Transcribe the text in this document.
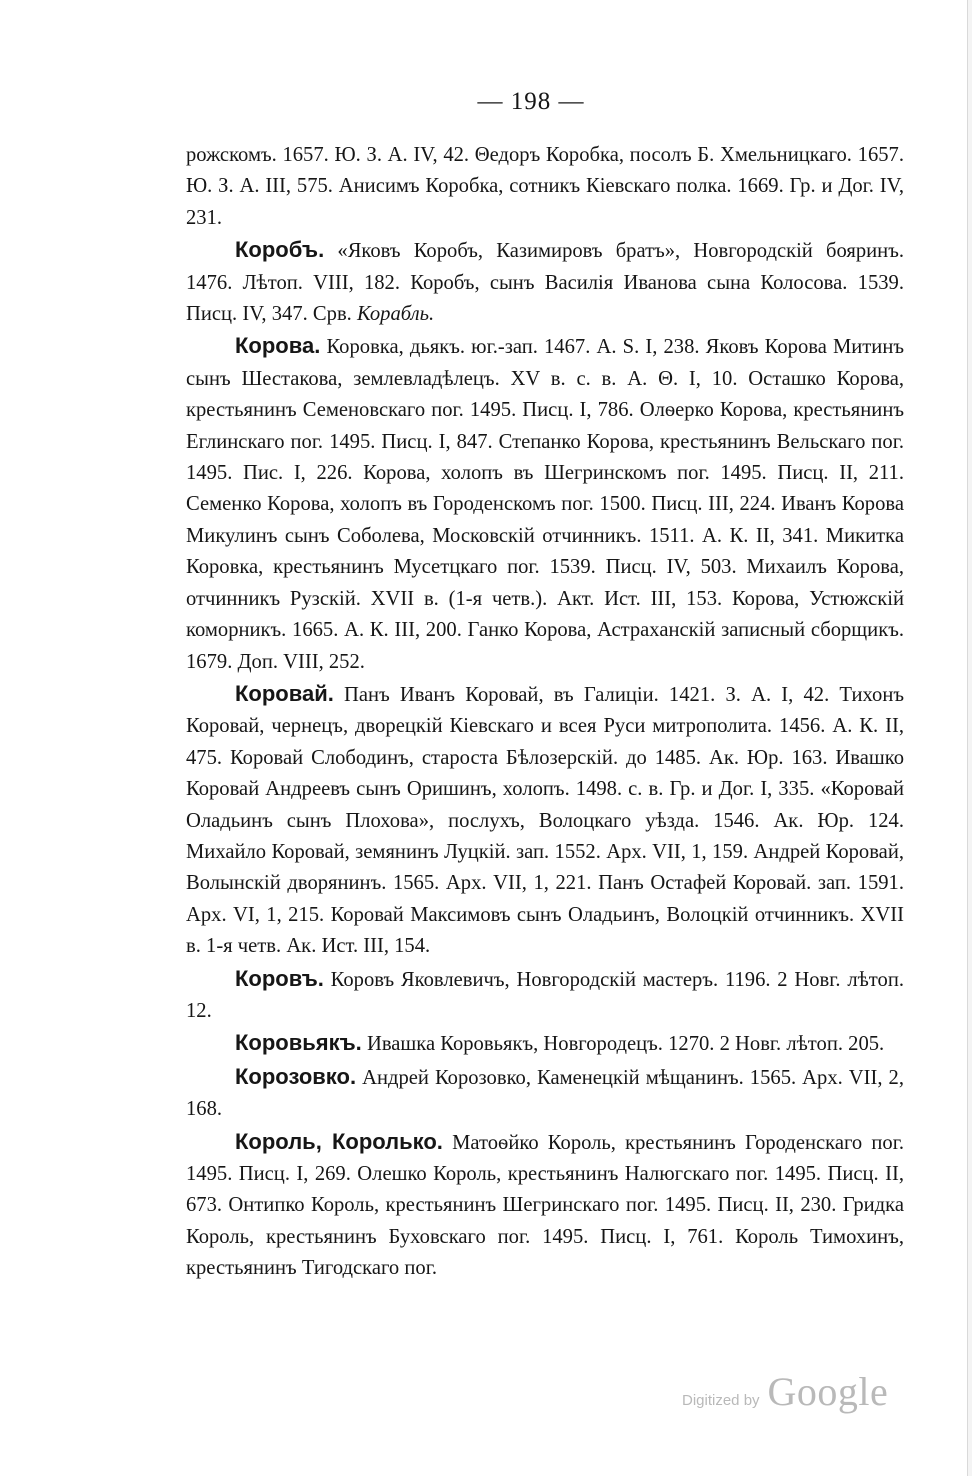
— 198 —

рожскомъ. 1657. Ю. З. А. IV, 42. Θедоръ Коробка, посолъ Б. Хмельницкаго. 1657. Ю. З. А. III, 575. Анисимъ Коробка, сотникъ Кіевскаго полка. 1669. Гр. и Дог. IV, 231.

Коробъ. «Яковъ Коробъ, Казимировъ братъ», Новгородскій бояринъ. 1476. Лѣтоп. VIII, 182. Коробъ, сынъ Василія Иванова сына Колосова. 1539. Писц. IV, 347. Срв. Корабль.

Корова. Коровка, дьякъ. юг.-зап. 1467. А. S. I, 238. Яковъ Корова Митинъ сынъ Шестакова, землевладѣлецъ. XV в. с. в. А. Θ. I, 10. Осташко Корова, крестьянинъ Семеновскаго пог. 1495. Писц. I, 786. Олѳерко Корова, крестьянинъ Еглинскаго пог. 1495. Писц. I, 847. Степанко Корова, крестьянинъ Вельскаго пог. 1495. Пис. I, 226. Корова, холопъ въ Шегринскомъ пог. 1495. Писц. II, 211. Семенко Корова, холопъ въ Городенскомъ пог. 1500. Писц. III, 224. Иванъ Корова Микулинъ сынъ Соболева, Московскій отчинникъ. 1511. А. К. II, 341. Микитка Коровка, крестьянинъ Мусетцкаго пог. 1539. Писц. IV, 503. Михаилъ Корова, отчинникъ Рузскій. XVII в. (1-я четв.). Акт. Ист. III, 153. Корова, Устюжскій коморникъ. 1665. А. К. III, 200. Ганко Корова, Астраханскій записный сборщикъ. 1679. Доп. VIII, 252.

Коровай. Панъ Иванъ Коровай, въ Галиціи. 1421. З. А. I, 42. Тихонъ Коровай, чернецъ, дворецкій Кіевскаго и всея Руси митрополита. 1456. А. К. II, 475. Коровай Слободинъ, староста Бѣлозерскій. до 1485. Ак. Юр. 163. Ивашко Коровай Андреевъ сынъ Оришинъ, холопъ. 1498. с. в. Гр. и Дог. I, 335. «Коровай Оладьинъ сынъ Плохова», послухъ, Волоцкаго уѣзда. 1546. Ак. Юр. 124. Михайло Коровай, земянинъ Луцкій. зап. 1552. Арх. VII, 1, 159. Андрей Коровай, Волынскій дворянинъ. 1565. Арх. VII, 1, 221. Панъ Остафей Коровай. зап. 1591. Арх. VI, 1, 215. Коровай Максимовъ сынъ Оладьинъ, Волоцкій отчинникъ. XVII в. 1-я четв. Ак. Ист. III, 154.

Коровъ. Коровъ Яковлевичъ, Новгородскій мастеръ. 1196. 2 Новг. лѣтоп. 12.

Коровьякъ. Ивашка Коровьякъ, Новгородецъ. 1270. 2 Новг. лѣтоп. 205.

Корозовко. Андрей Корозовко, Каменецкій мѣщанинъ. 1565. Арх. VII, 2, 168.

Король, Королько. Матоѳйко Король, крестьянинъ Городенскаго пог. 1495. Писц. I, 269. Олешко Король, крестьянинъ Налюгскаго пог. 1495. Писц. II, 673. Онтипко Король, крестьянинъ Шегринскаго пог. 1495. Писц. II, 230. Гридка Король, крестьянинъ Буховскаго пог. 1495. Писц. I, 761. Король Тимохинъ, крестьянинъ Тигодскаго пог.

Digitized by Google
